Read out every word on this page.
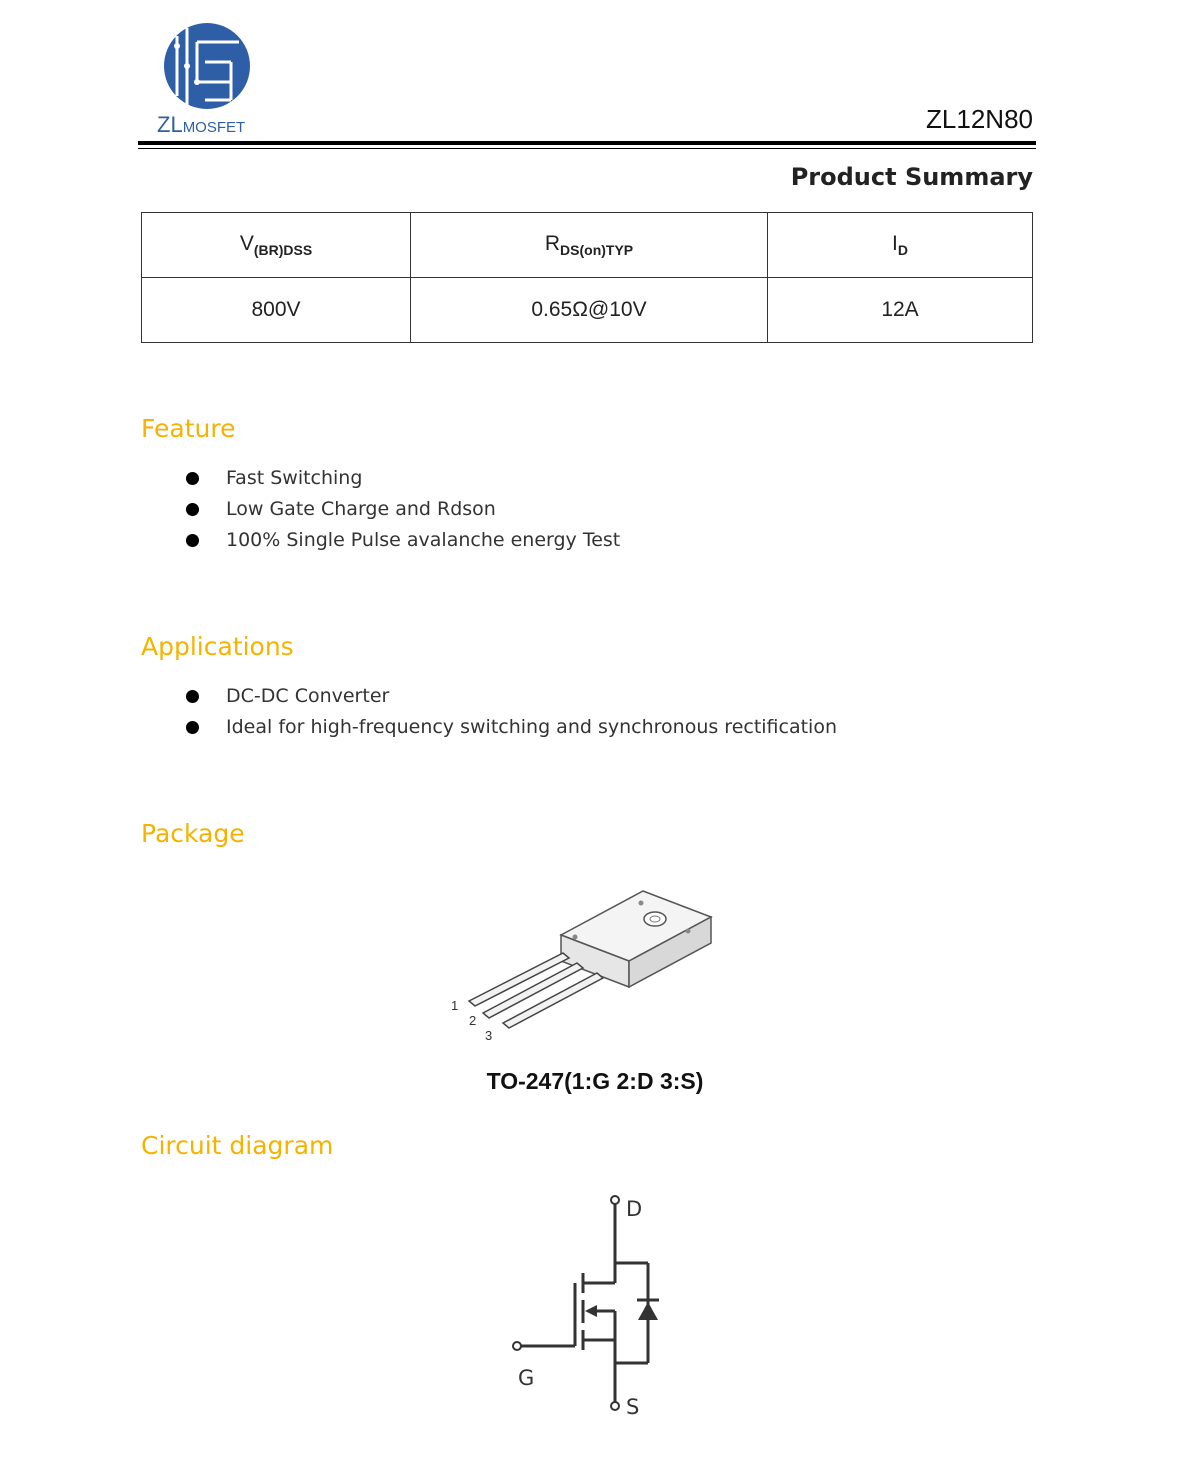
ZLMOSFET	ZL12N80
Product Summary
$V_{(BR)DSS}$	$R_{DS(on)TYP}$	$I_D$
800V	0.65Ω@10V	12A
Feature
Fast Switching
Low Gate Charge and Rdson
100% Single Pulse avalanche energy Test
Applications
DC-DC Converter
Ideal for high-frequency switching and synchronous rectification
Package
1
2
3
TO-247(1:G 2:D 3:S)
Circuit diagram
D
G
S
